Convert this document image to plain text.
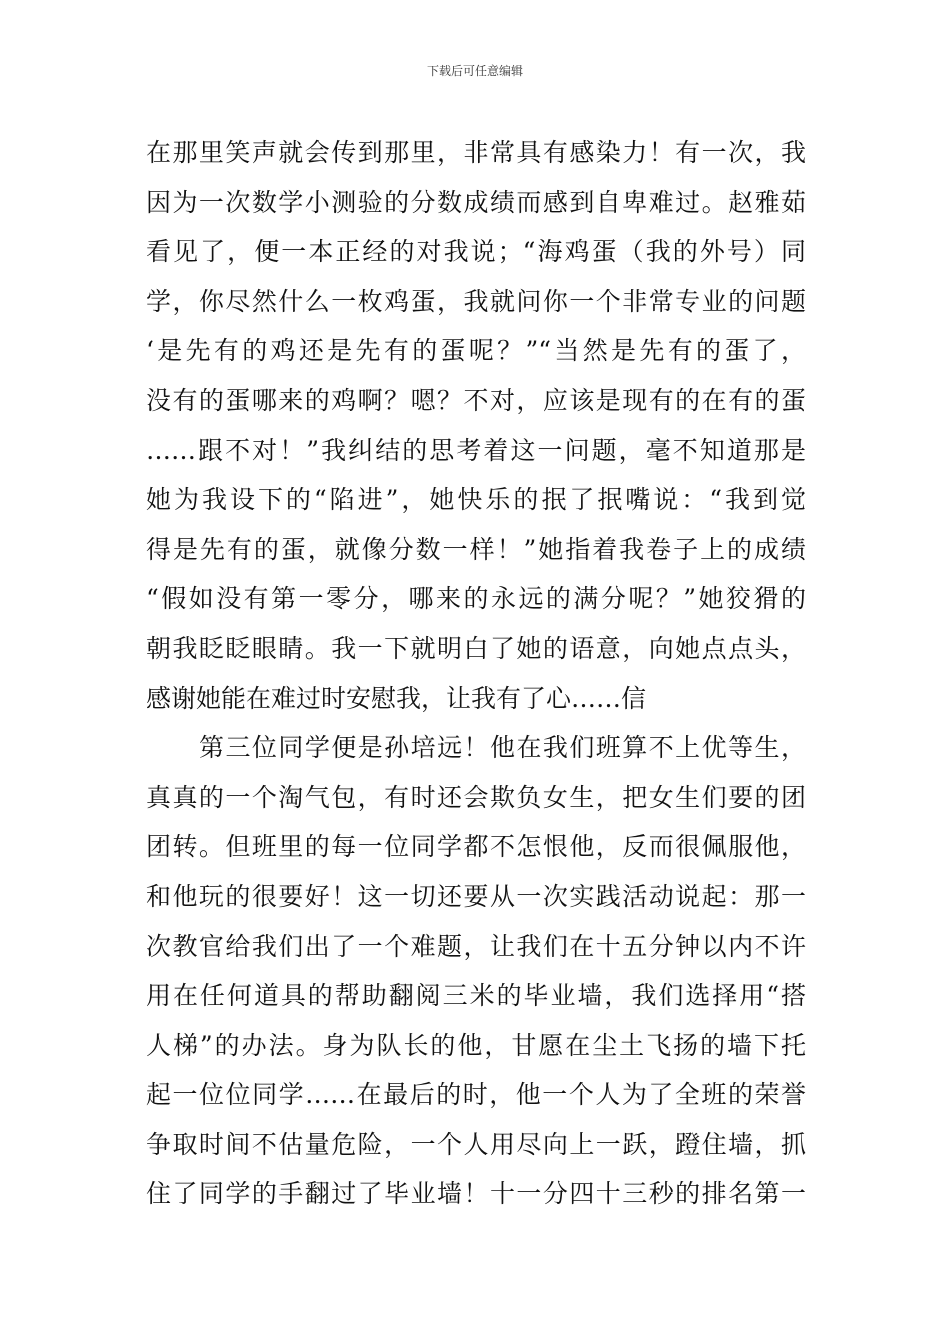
下载后可任意编辑
在那里笑声就会传到那里，非常具有感染力！有一次，我
因为一次数学小测验的分数成绩而感到自卑难过。赵雅茹
看见了，便一本正经的对我说；“海鸡蛋（我的外号）同
学，你尽然什么一枚鸡蛋，我就问你一个非常专业的问题
‘是先有的鸡还是先有的蛋呢？”“当然是先有的蛋了，
没有的蛋哪来的鸡啊？嗯？不对，应该是现有的在有的蛋
……跟不对！”我纠结的思考着这一问题，毫不知道那是
她为我设下的“陷进”，她快乐的抿了抿嘴说：“我到觉
得是先有的蛋，就像分数一样！”她指着我卷子上的成绩
“假如没有第一零分，哪来的永远的满分呢？”她狡猾的
朝我眨眨眼睛。我一下就明白了她的语意，向她点点头，
感谢她能在难过时安慰我，让我有了心……信
第三位同学便是孙培远！他在我们班算不上优等生，
真真的一个淘气包，有时还会欺负女生，把女生们要的团
团转。但班里的每一位同学都不怎恨他，反而很佩服他，
和他玩的很要好！这一切还要从一次实践活动说起：那一
次教官给我们出了一个难题，让我们在十五分钟以内不许
用在任何道具的帮助翻阅三米的毕业墙，我们选择用“搭
人梯”的办法。身为队长的他，甘愿在尘土飞扬的墙下托
起一位位同学……在最后的时，他一个人为了全班的荣誉
争取时间不估量危险，一个人用尽向上一跃，蹬住墙，抓
住了同学的手翻过了毕业墙！十一分四十三秒的排名第一
